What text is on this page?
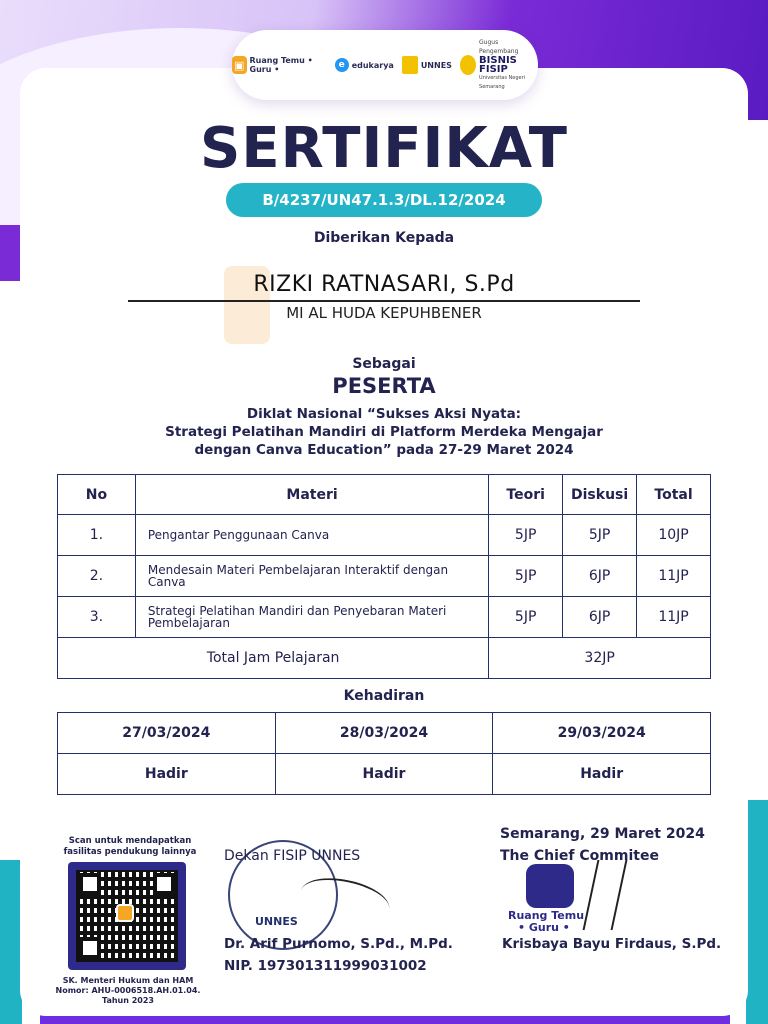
▣ Ruang Temu • Guru •	e edukarya	UNNES
Gugus Pengembang
BISNIS FISIP
Universitas Negeri Semarang
SERTIFIKAT
B/4237/UN47.1.3/DL.12/2024
Diberikan Kepada
RIZKI RATNASARI, S.Pd
MI AL HUDA KEPUHBENER
Sebagai
PESERTA
Diklat Nasional “Sukses Aksi Nyata:
Strategi Pelatihan Mandiri di Platform Merdeka Mengajar
dengan Canva Education” pada 27-29 Maret 2024
No	Materi	Teori	Diskusi	Total
1.	Pengantar Penggunaan Canva	5JP	5JP	10JP
2.	Mendesain Materi Pembelajaran Interaktif dengan Canva	5JP	6JP	11JP
3.	Strategi Pelatihan Mandiri dan Penyebaran Materi Pembelajaran	5JP	6JP	11JP
Total Jam Pelajaran		32JP		
Kehadiran
27/03/2024	28/03/2024	29/03/2024
Hadir	Hadir	Hadir
Scan untuk mendapatkan
fasilitas pendukung lainnya
SK. Menteri Hukum dan HAM
Nomor: AHU-0006518.AH.01.04.
Tahun 2023
UNNES
Dekan FISIP UNNES
Dr. Arif Purnomo, S.Pd., M.Pd.
NIP. 197301311999031002
Semarang, 29 Maret 2024
The Chief Commitee
Ruang Temu
• Guru •
Krisbaya Bayu Firdaus, S.Pd.
